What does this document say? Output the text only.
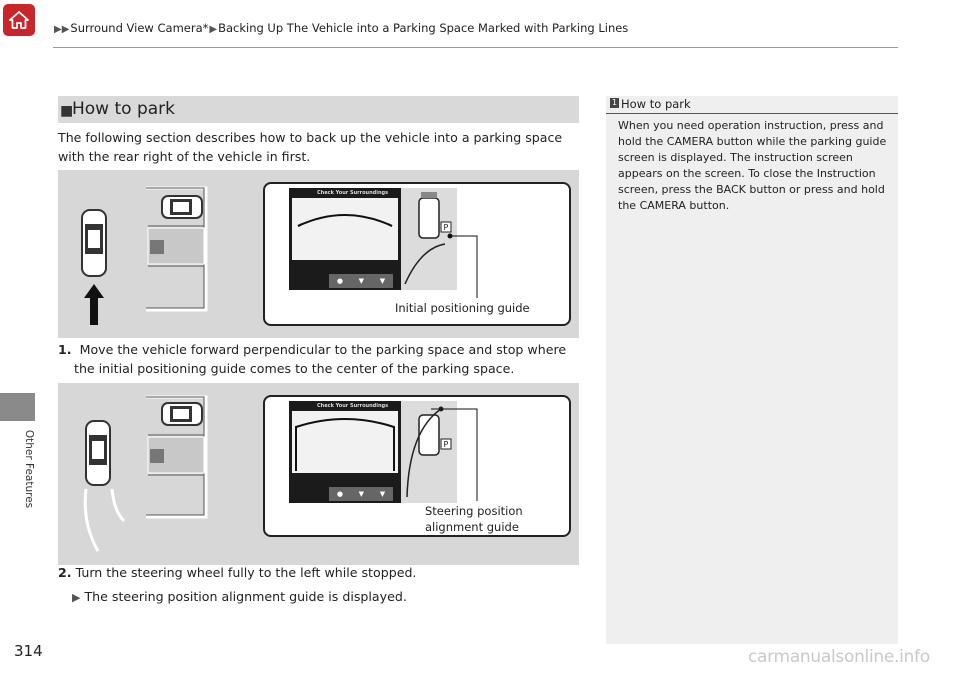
▶▶Surround View Camera*▶Backing Up The Vehicle into a Parking Space Marked with Parking Lines
Other Features
314
■
How to park
The following section describes how to back up the vehicle into a parking space with the rear right of the vehicle in first.
Check Your Surroundings
P
● ▼ ▼
Initial positioning guide
1. Move the vehicle forward perpendicular to the parking space and stop where the initial positioning guide comes to the center of the parking space.
Check Your Surroundings
P
● ▼ ▼
Steering position
alignment guide
2. Turn the steering wheel fully to the left while stopped.
▶ The steering position alignment guide is displayed.
1 How to park
When you need operation instruction, press and hold the CAMERA button while the parking guide screen is displayed. The instruction screen appears on the screen. To close the Instruction screen, press the BACK button or press and hold the CAMERA button.
carmanualsonline.info
